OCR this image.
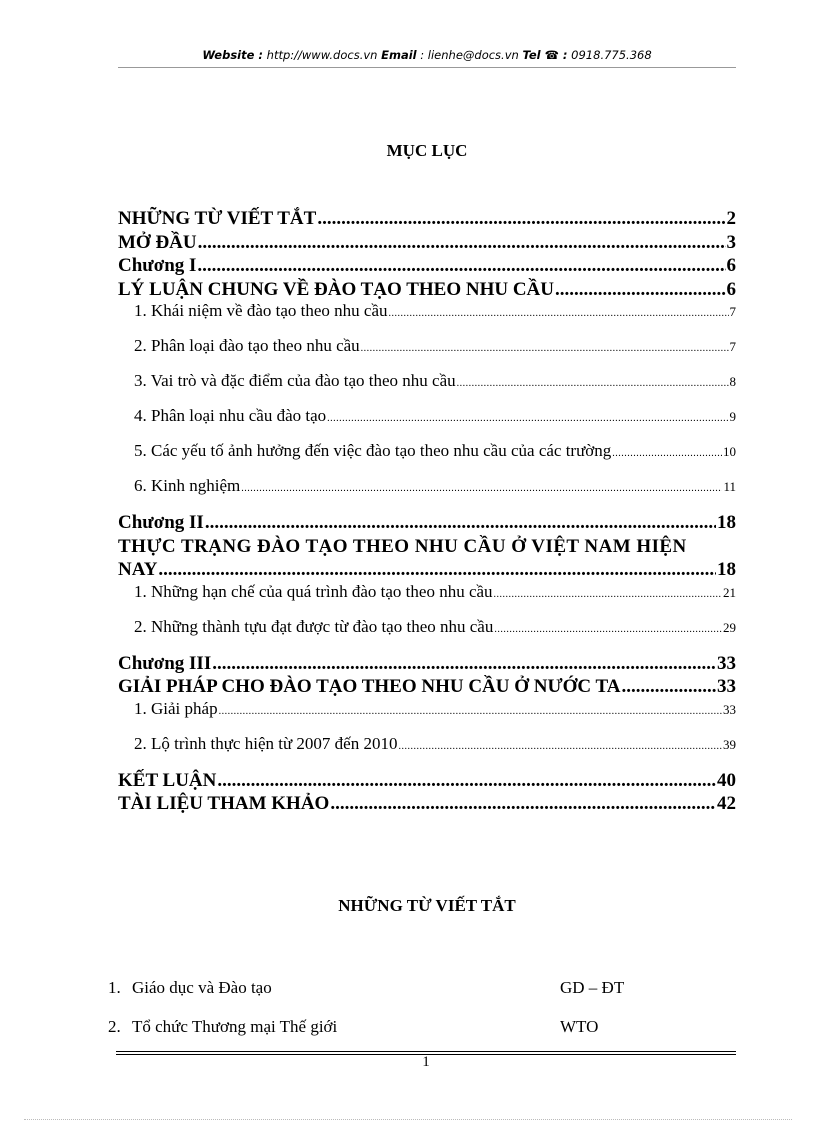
Website : http://www.docs.vn Email : lienhe@docs.vn Tel ☎ : 0918.775.368
MỤC LỤC
NHỮNG TỪ VIẾT TẮT .....	2
MỞ ĐẦU .....	3
Chương I .....	6
LÝ LUẬN CHUNG VỀ ĐÀO TẠO THEO NHU CẦU .....	6
1. Khái niệm về đào tạo theo nhu cầu .....	7
2. Phân loại đào tạo theo nhu cầu .....	7
3. Vai trò và đặc điểm của đào tạo theo nhu cầu .....	8
4. Phân loại nhu cầu đào tạo .....	9
5. Các yếu tố ảnh hưởng đến việc đào tạo theo nhu cầu của các trường .....	10
6. Kinh nghiệm .....	11
Chương II .....	18
THỰC TRẠNG ĐÀO TẠO THEO NHU CẦU Ở VIỆT NAM HIỆN
NAY .....	18
1. Những hạn chế của quá trình đào tạo theo nhu cầu .....	21
2. Những thành tựu đạt được từ đào tạo theo nhu cầu .....	29
Chương III .....	33
GIẢI PHÁP CHO ĐÀO TẠO THEO NHU CẦU Ở NƯỚC TA .....	33
1. Giải pháp .....	33
2. Lộ trình thực hiện từ 2007 đến 2010 .....	39
KẾT LUẬN .....	40
TÀI LIỆU THAM KHẢO .....	42
NHỮNG TỪ VIẾT TẮT
1. Giáo dục và Đào tạo	GD – ĐT
2. Tổ chức Thương mại Thế giới	WTO
1
